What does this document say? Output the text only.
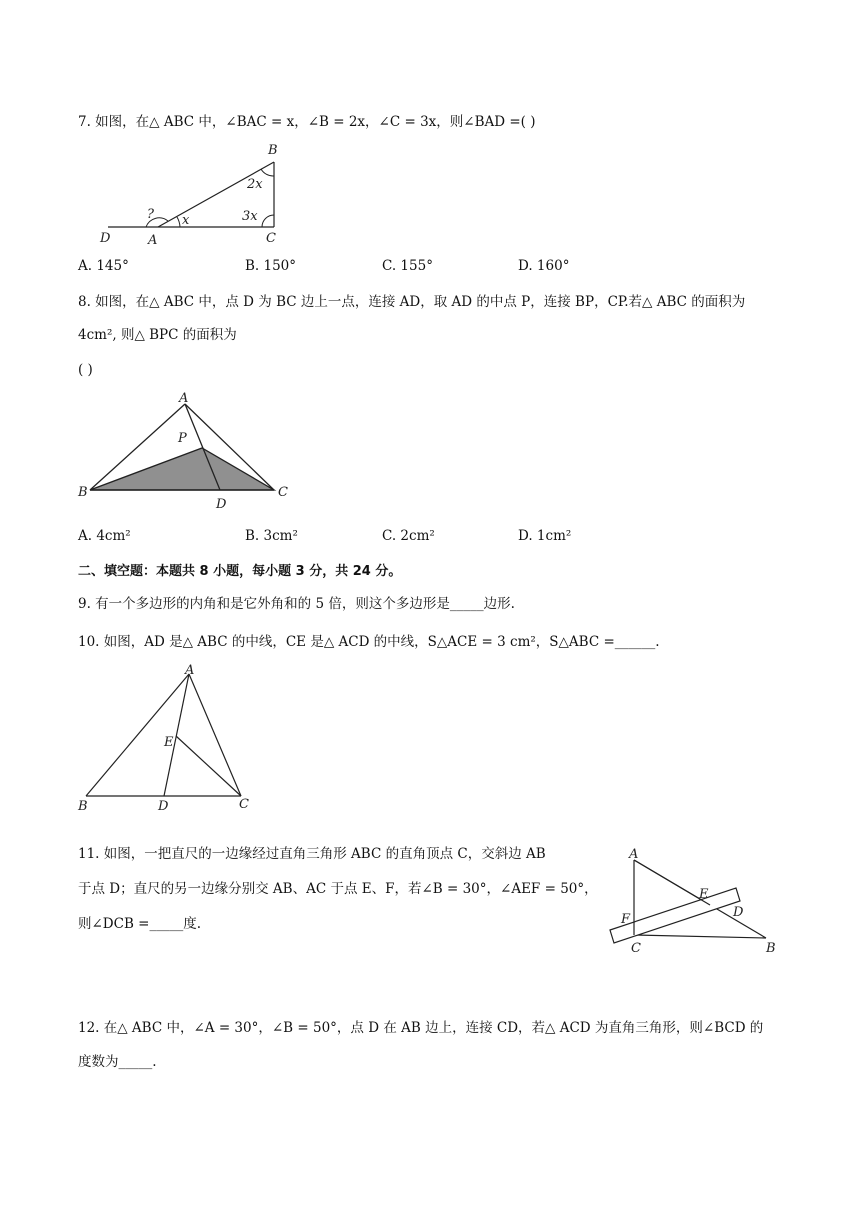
7. 如图，在△ ABC 中，∠BAC = x，∠B = 2x，∠C = 3x，则∠BAD =( )
B
C
A
D
2x
3x
x
?
A. 145°	B. 150°	C. 155°	D. 160°
8. 如图，在△ ABC 中，点 D 为 BC 边上一点，连接 AD，取 AD 的中点 P，连接 BP，CP.若△ ABC 的面积为
4cm², 则△ BPC 的面积为
( )
A
P
B	C
D
A. 4cm²	B. 3cm²	C. 2cm²	D. 1cm²
二、填空题：本题共 8 小题，每小题 3 分，共 24 分。
9. 有一个多边形的内角和是它外角和的 5 倍，则这个多边形是_____边形.
10. 如图，AD 是△ ABC 的中线，CE 是△ ACD 的中线，S△ACE = 3 cm²，S△ABC =______.
A
E
B	D	C
11. 如图，一把直尺的一边缘经过直角三角形 ABC 的直角顶点 C，交斜边 AB
于点 D；直尺的另一边缘分别交 AB、AC 于点 E、F，若∠B = 30°，∠AEF = 50°，
则∠DCB =_____度.
A
E
F	D
C	B
12. 在△ ABC 中，∠A = 30°，∠B = 50°，点 D 在 AB 边上，连接 CD，若△ ACD 为直角三角形，则∠BCD 的
度数为_____.
